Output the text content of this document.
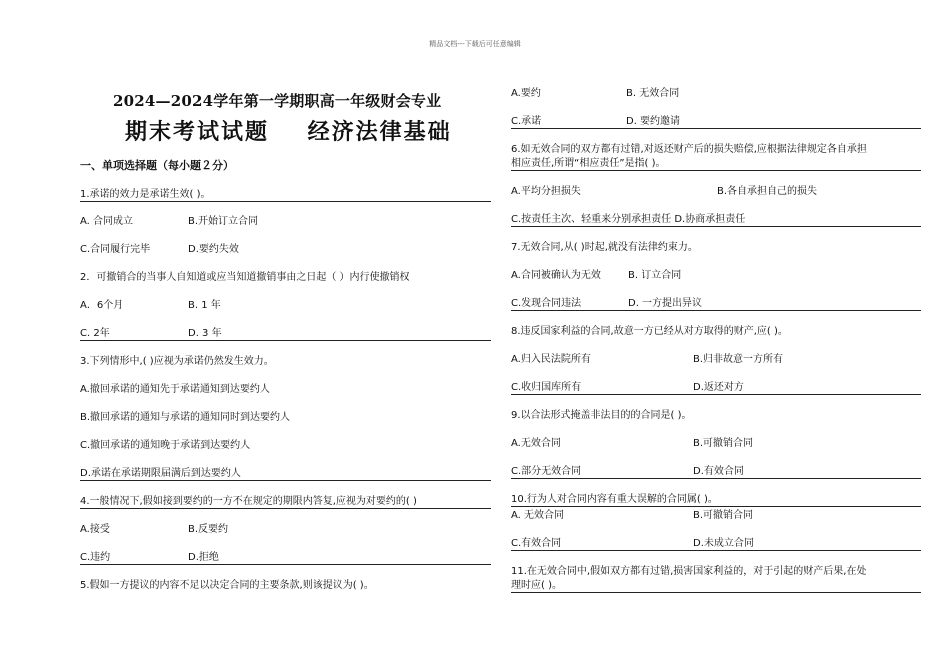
精品文档---下载后可任意编辑
2024—2024学年第一学期职高一年级财会专业
期末考试试题    经济法律基础
一、单项选择题（每小题２分）
1.承诺的效力是承诺生效( )。
A. 合同成立	B.开始订立合同
C.合同履行完毕	D.要约失效
2．可撤销合的当事人自知道或应当知道撤销事由之日起（ ）内行使撤销权
A．6个月	B. 1 年
C. 2年	D. 3 年
3.下列情形中,( )应视为承诺仍然发生效力。
A.撤回承诺的通知先于承诺通知到达要约人
B.撤回承诺的通知与承诺的通知同时到达要约人
C.撤回承诺的通知晚于承诺到达要约人
D.承诺在承诺期限届满后到达要约人
4.一般情况下,假如接到要约的一方不在规定的期限内答复,应视为对要约的( )
A.接受	B.反要约
C.违约	D.拒绝
5.假如一方提议的内容不足以决定合同的主要条款,则该提议为( )。
A.要约	B. 无效合同
C.承诺	D. 要约邀请
6.如无效合同的双方都有过错,对返还财产后的损失赔偿,应根据法律规定各自承担
相应责任,所谓“相应责任”是指( )。
A.平均分担损失	B.各自承担自己的损失
C.按责任主次、轻重来分别承担责任 D.协商承担责任
7.无效合同,从( )时起,就没有法律约束力。
A.合同被确认为无效	B. 订立合同
C.发现合同违法	D. 一方提出异议
8.违反国家利益的合同,故意一方已经从对方取得的财产,应( )。
A.归入民法院所有	B.归非故意一方所有
C.收归国库所有	D.返还对方
9.以合法形式掩盖非法目的的合同是( )。
A.无效合同	B.可撤销合同
C.部分无效合同	D.有效合同
10.行为人对合同内容有重大误解的合同属( )。
A. 无效合同	B.可撤销合同
C.有效合同	D.未成立合同
11.在无效合同中,假如双方都有过错,损害国家利益的，对于引起的财产后果,在处
理时应( )。
